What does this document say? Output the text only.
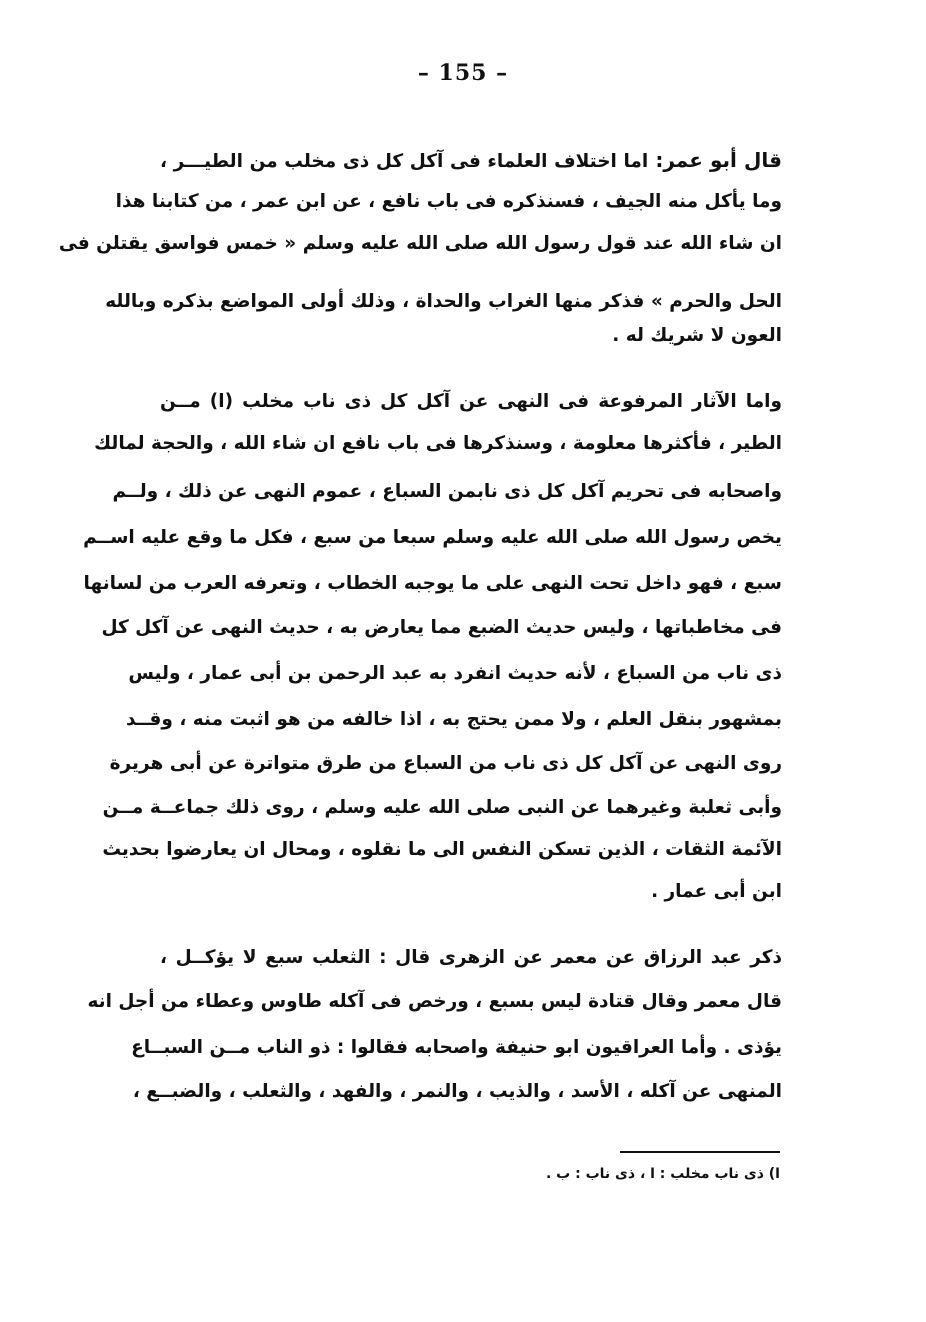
– 155 –
قال أبو عمر: اما اختلاف العلماء فى آكل كل ذى مخلب من الطيـــر ،
وما يأكل منه الجيف ، فسنذكره فى باب نافع ، عن ابن عمر ، من كتابنا هذا
ان شاء الله عند قول رسول الله صلى الله عليه وسلم « خمس فواسق يقتلن فى
الحل والحرم » فذكر منها الغراب والحداة ، وذلك أولى المواضع بذكره وبالله
العون لا شريك له .
واما الآثار المرفوعة فى النهى عن آكل كل ذى ناب مخلب (ا) مــن
الطير ، فأكثرها معلومة ، وسنذكرها فى باب نافع ان شاء الله ، والحجة لمالك
واصحابه فى تحريم آكل كل ذى نابمن السباع ، عموم النهى عن ذلك ، ولــم
يخص رسول الله صلى الله عليه وسلم سبعا من سبع ، فكل ما وقع عليه اســم
سبع ، فهو داخل تحت النهى على ما يوجبه الخطاب ، وتعرفه العرب من لسانها
فى مخاطباتها ، وليس حديث الضبع مما يعارض به ، حديث النهى عن آكل كل
ذى ناب من السباع ، لأنه حديث انفرد به عبد الرحمن بن أبى عمار ، وليس
بمشهور بنقل العلم ، ولا ممن يحتج به ، اذا خالفه من هو اثبت منه ، وقــد
روى النهى عن آكل كل ذى ناب من السباع من طرق متواترة عن أبى هريرة
وأبى ثعلبة وغيرهما عن النبى صلى الله عليه وسلم ، روى ذلك جماعــة مــن
الآئمة الثقات ، الذين تسكن النفس الى ما نقلوه ، ومحال ان يعارضوا بحديث
ابن أبى عمار .
ذكر عبد الرزاق عن معمر عن الزهرى قال : الثعلب سبع لا يؤكــل ،
قال معمر وقال قتادة ليس بسبع ، ورخص فى آكله طاوس وعطاء من أجل انه
يؤذى . وأما العراقيون ابو حنيفة واصحابه فقالوا : ذو الناب مــن السبــاع
المنهى عن آكله ، الأسد ، والذيب ، والنمر ، والفهد ، والثعلب ، والضبــع ،
ا) ذى ناب مخلب : ا ، ذى ناب : ب .
